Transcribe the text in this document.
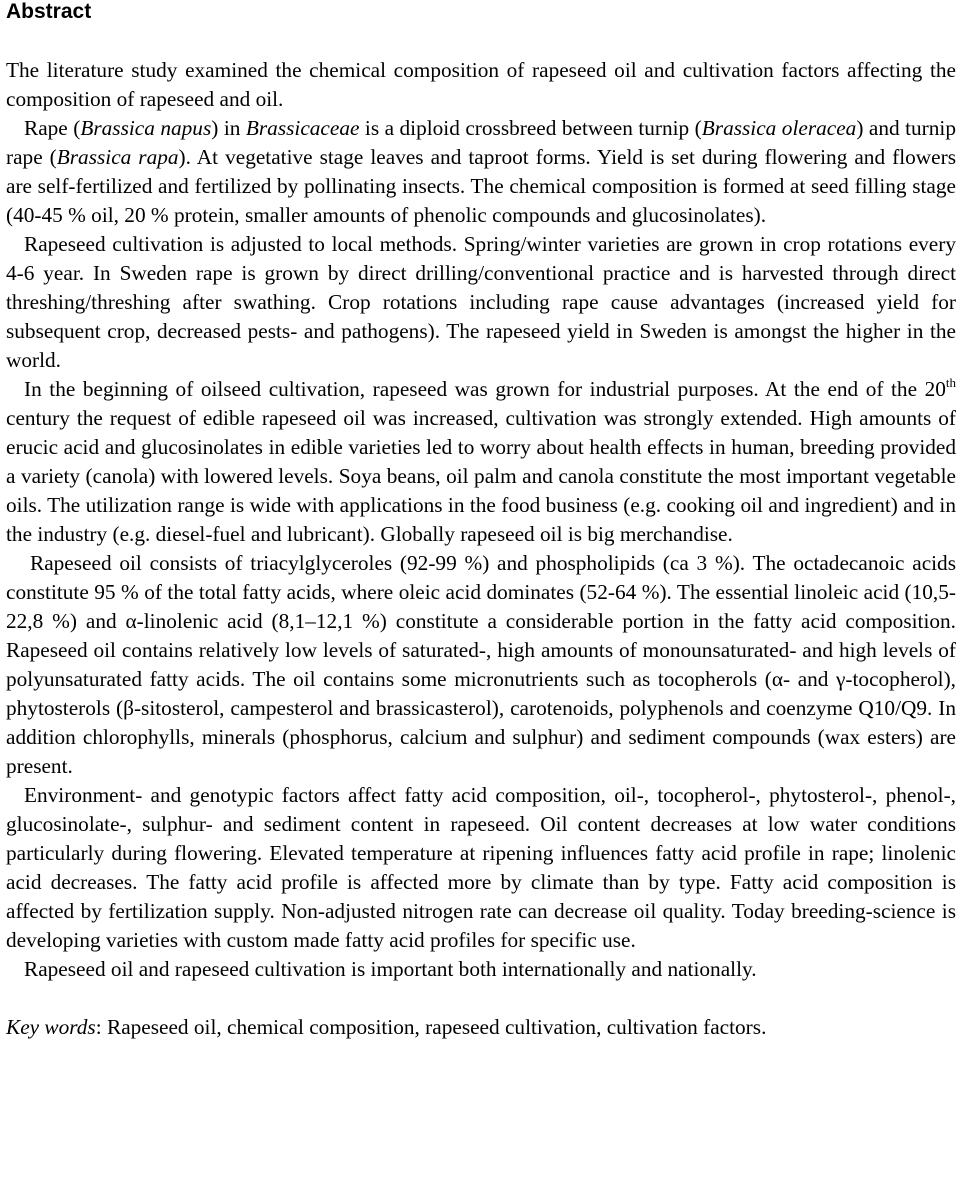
Abstract

The literature study examined the chemical composition of rapeseed oil and cultivation factors affecting the composition of rapeseed and oil.

Rape (Brassica napus) in Brassicaceae is a diploid crossbreed between turnip (Brassica oleracea) and turnip rape (Brassica rapa). At vegetative stage leaves and taproot forms. Yield is set during flowering and flowers are self-fertilized and fertilized by pollinating insects. The chemical composition is formed at seed filling stage (40-45 % oil, 20 % protein, smaller amounts of phenolic compounds and glucosinolates).

Rapeseed cultivation is adjusted to local methods. Spring/winter varieties are grown in crop rotations every 4-6 year. In Sweden rape is grown by direct drilling/conventional practice and is harvested through direct threshing/threshing after swathing. Crop rotations including rape cause advantages (increased yield for subsequent crop, decreased pests- and pathogens). The rapeseed yield in Sweden is amongst the higher in the world.

In the beginning of oilseed cultivation, rapeseed was grown for industrial purposes. At the end of the 20th century the request of edible rapeseed oil was increased, cultivation was strongly extended. High amounts of erucic acid and glucosinolates in edible varieties led to worry about health effects in human, breeding provided a variety (canola) with lowered levels. Soya beans, oil palm and canola constitute the most important vegetable oils. The utilization range is wide with applications in the food business (e.g. cooking oil and ingredient) and in the industry (e.g. diesel-fuel and lubricant). Globally rapeseed oil is big merchandise.

Rapeseed oil consists of triacylglyceroles (92-99 %) and phospholipids (ca 3 %). The octadecanoic acids constitute 95 % of the total fatty acids, where oleic acid dominates (52-64 %). The essential linoleic acid (10,5-22,8 %) and α-linolenic acid (8,1–12,1 %) constitute a considerable portion in the fatty acid composition. Rapeseed oil contains relatively low levels of saturated-, high amounts of monounsaturated- and high levels of polyunsaturated fatty acids. The oil contains some micronutrients such as tocopherols (α- and γ-tocopherol), phytosterols (β-sitosterol, campesterol and brassicasterol), carotenoids, polyphenols and coenzyme Q10/Q9. In addition chlorophylls, minerals (phosphorus, calcium and sulphur) and sediment compounds (wax esters) are present.

Environment- and genotypic factors affect fatty acid composition, oil-, tocopherol-, phytosterol-, phenol-, glucosinolate-, sulphur- and sediment content in rapeseed. Oil content decreases at low water conditions particularly during flowering. Elevated temperature at ripening influences fatty acid profile in rape; linolenic acid decreases. The fatty acid profile is affected more by climate than by type. Fatty acid composition is affected by fertilization supply. Non-adjusted nitrogen rate can decrease oil quality. Today breeding-science is developing varieties with custom made fatty acid profiles for specific use.

Rapeseed oil and rapeseed cultivation is important both internationally and nationally.

Key words: Rapeseed oil, chemical composition, rapeseed cultivation, cultivation factors.
